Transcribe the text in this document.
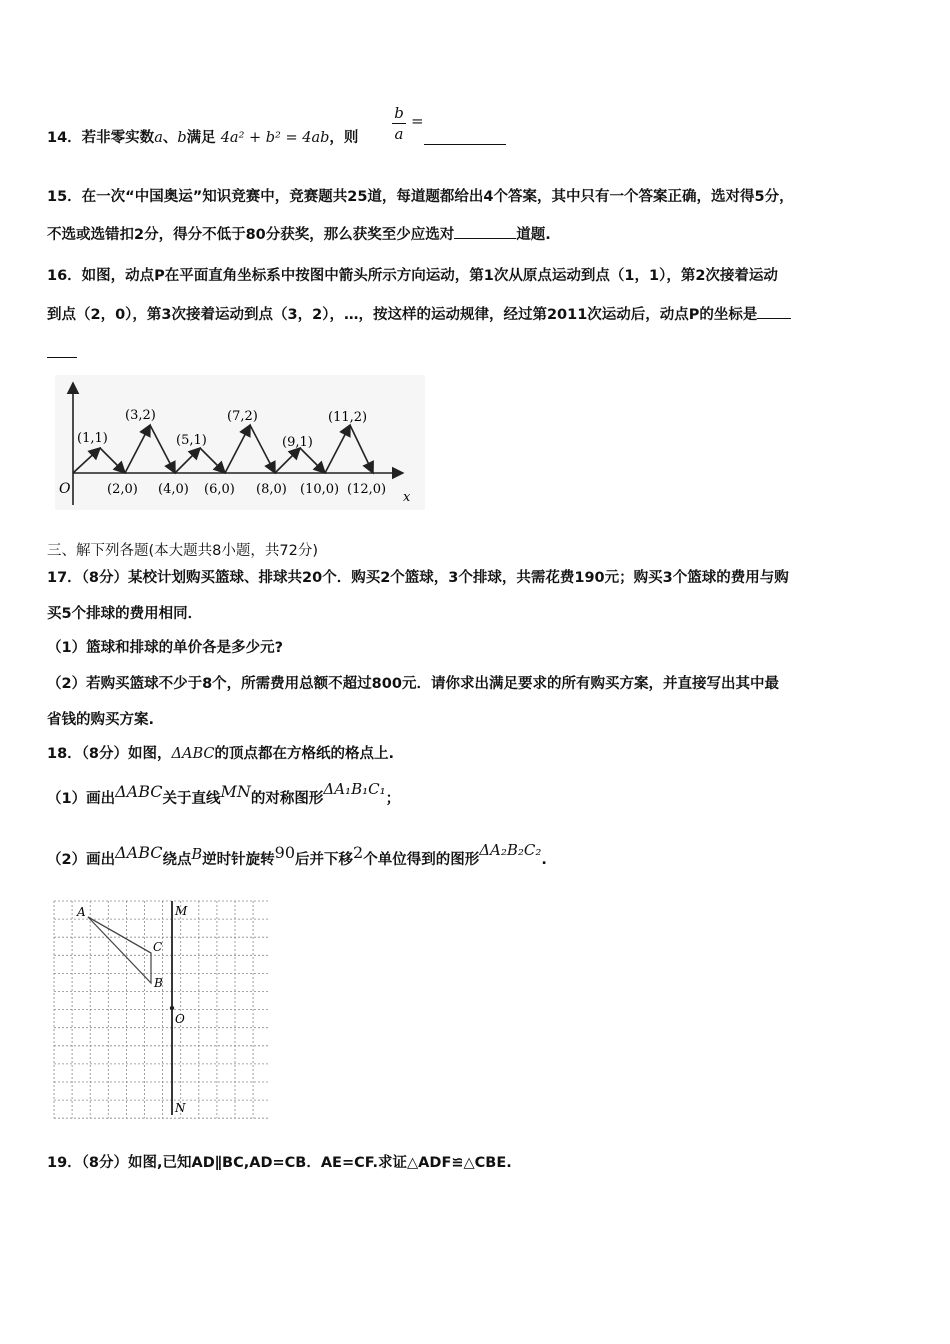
14．若非零实数a、b满足 4a² + b² = 4ab，则
b
a
=
15．在一次“中国奥运”知识竞赛中，竞赛题共25道，每道题都给出4个答案，其中只有一个答案正确，选对得5分，
不选或选错扣2分，得分不低于80分获奖，那么获奖至少应选对	道题.
16．如图，动点P在平面直角坐标系中按图中箭头所示方向运动，第1次从原点运动到点（1，1），第2次接着运动
到点（2，0），第3次接着运动到点（3，2），…，按这样的运动规律，经过第2011次运动后，动点P的坐标是
O
x
(1,1)
(3,2)
(5,1)
(7,2)
(9,1)
(11,2)
(2,0) (4,0) (6,0) (8,0) (10,0) (12,0)
三、解下列各题(本大题共8小题，共72分)
17．（8分）某校计划购买篮球、排球共20个．购买2个篮球，3个排球，共需花费190元；购买3个篮球的费用与购
买5个排球的费用相同．
（1）篮球和排球的单价各是多少元?
（2）若购买篮球不少于8个，所需费用总额不超过800元．请你求出满足要求的所有购买方案，并直接写出其中最
省钱的购买方案.
18．（8分）如图，ΔABC的顶点都在方格纸的格点上.
（1）画出ΔABC关于直线MN的对称图形ΔA₁B₁C₁；
（2）画出ΔABC绕点B逆时针旋转90后并下移2个单位得到的图形ΔA₂B₂C₂.
A
C
B
M
O
N
19．（8分）如图,已知AD∥BC,AD=CB．AE=CF.求证△ADF≌△CBE.
